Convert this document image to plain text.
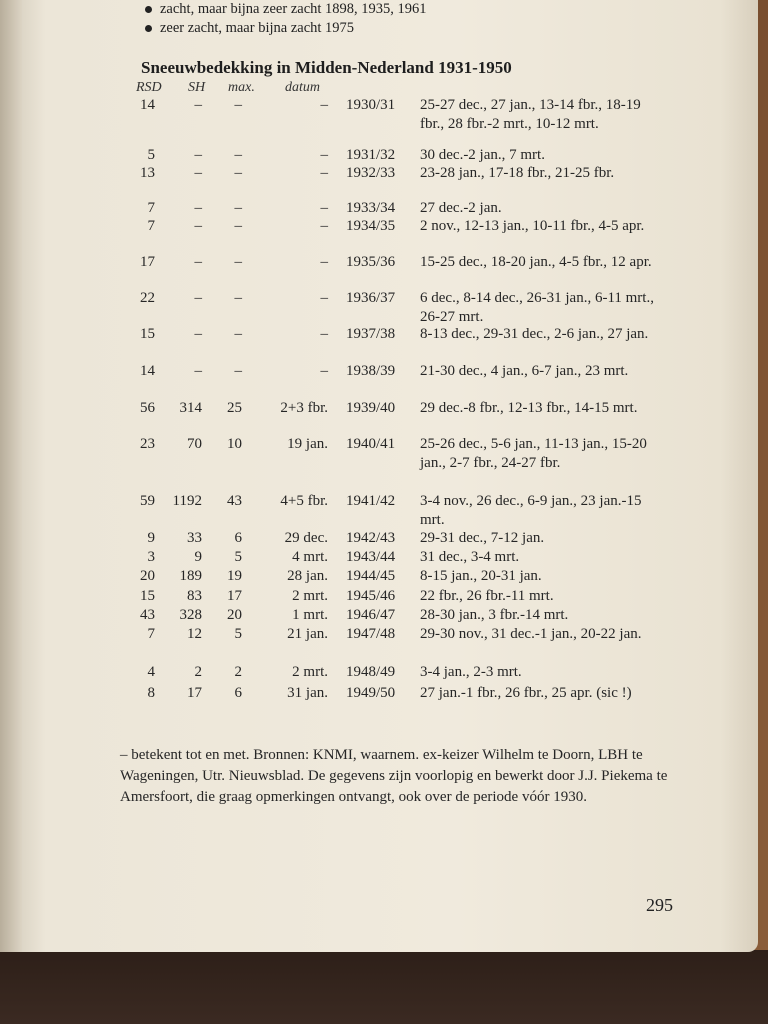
zacht, maar bijna zeer zacht 1898, 1935, 1961
zeer zacht, maar bijna zacht 1975
Sneeuwbedekking in Midden-Nederland 1931-1950
RSD SH max. datum
14	–	–	– 1930/31	25-27 dec., 27 jan., 13-14 fbr., 18-19 fbr., 28 fbr.-2 mrt., 10-12 mrt.
5	–	–	– 1931/32	30 dec.-2 jan., 7 mrt.
13	–	–	– 1932/33	23-28 jan., 17-18 fbr., 21-25 fbr.
7	–	–	– 1933/34	27 dec.-2 jan.
7	–	–	– 1934/35	2 nov., 12-13 jan., 10-11 fbr., 4-5 apr.
17	–	–	– 1935/36	15-25 dec., 18-20 jan., 4-5 fbr., 12 apr.
22	–	–	– 1936/37	6 dec., 8-14 dec., 26-31 jan., 6-11 mrt., 26-27 mrt.
15	–	–	– 1937/38	8-13 dec., 29-31 dec., 2-6 jan., 27 jan.
14	–	–	– 1938/39	21-30 dec., 4 jan., 6-7 jan., 23 mrt.
56	314	25	2+3 fbr. 1939/40	29 dec.-8 fbr., 12-13 fbr., 14-15 mrt.
23	70	10	19 jan. 1940/41	25-26 dec., 5-6 jan., 11-13 jan., 15-20 jan., 2-7 fbr., 24-27 fbr.
59	1192	43	4+5 fbr. 1941/42	3-4 nov., 26 dec., 6-9 jan., 23 jan.-15 mrt.
9	33	6	29 dec. 1942/43	29-31 dec., 7-12 jan.
3	9	5	4 mrt. 1943/44	31 dec., 3-4 mrt.
20	189	19	28 jan. 1944/45	8-15 jan., 20-31 jan.
15	83	17	2 mrt. 1945/46	22 fbr., 26 fbr.-11 mrt.
43	328	20	1 mrt. 1946/47	28-30 jan., 3 fbr.-14 mrt.
7	12	5	21 jan. 1947/48	29-30 nov., 31 dec.-1 jan., 20-22 jan.
4	2	2	2 mrt. 1948/49	3-4 jan., 2-3 mrt.
8	17	6	31 jan. 1949/50	27 jan.-1 fbr., 26 fbr., 25 apr. (sic !)
– betekent tot en met. Bronnen: KNMI, waarnem. ex-keizer Wilhelm te Doorn, LBH te Wageningen, Utr. Nieuwsblad. De gegevens zijn voorlopig en bewerkt door J.J. Piekema te Amersfoort, die graag opmerkingen ontvangt, ook over de periode vóór 1930.
295
